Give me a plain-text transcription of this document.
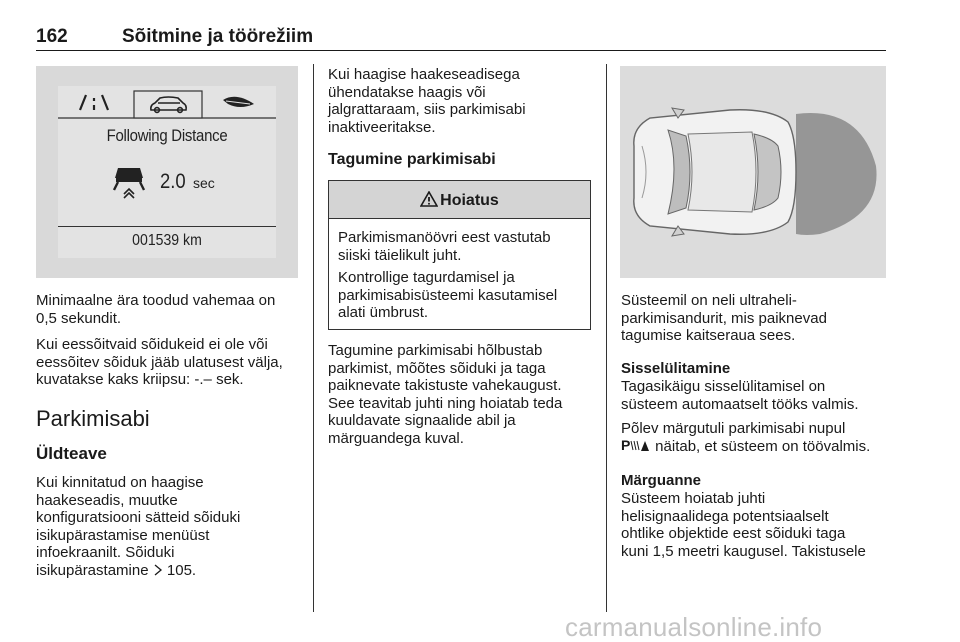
162	Sõitmine ja töörežiim
Following Distance
2.0 sec
001539 km
Minimaalne ära toodud vahemaa on
0,5 sekundit.
Kui eessõitvaid sõidukeid ei ole või
eessõitev sõiduk jääb ulatusest välja,
kuvatakse kaks kriipsu: -.– sek.
Parkimisabi
Üldteave
Kui kinnitatud on haagise
haakeseadis, muutke
konfiguratsiooni sätteid sõiduki
isikupärastamise menüüst
infoekraanilt. Sõiduki
isikupärastamine 105.
Kui haagise haakeseadisega
ühendatakse haagis või
jalgrattaraam, siis parkimisabi
inaktiveeritakse.
Tagumine parkimisabi
Hoiatus
Parkimismanöövri eest vastutab
siiski täielikult juht.
Kontrollige tagurdamisel ja
parkimisabisüsteemi kasutamisel
alati ümbrust.
Tagumine parkimisabi hõlbustab
parkimist, mõõtes sõiduki ja taga
paiknevate takistuste vahekaugust.
See teavitab juhti ning hoiatab teda
kuuldavate signaalide abil ja
märguandega kuval.
Süsteemil on neli ultraheli-
parkimisandurit, mis paiknevad
tagumise kaitseraua sees.
Sisselülitamine
Tagasikäigu sisselülitamisel on
süsteem automaatselt tööks valmis.
Põlev märgutuli parkimisabi nupul
P näitab, et süsteem on töövalmis.
Märguanne
Süsteem hoiatab juhti
helisignaalidega potentsiaalselt
ohtlike objektide eest sõiduki taga
kuni 1,5 meetri kaugusel. Takistusele
carmanualsonline.info
